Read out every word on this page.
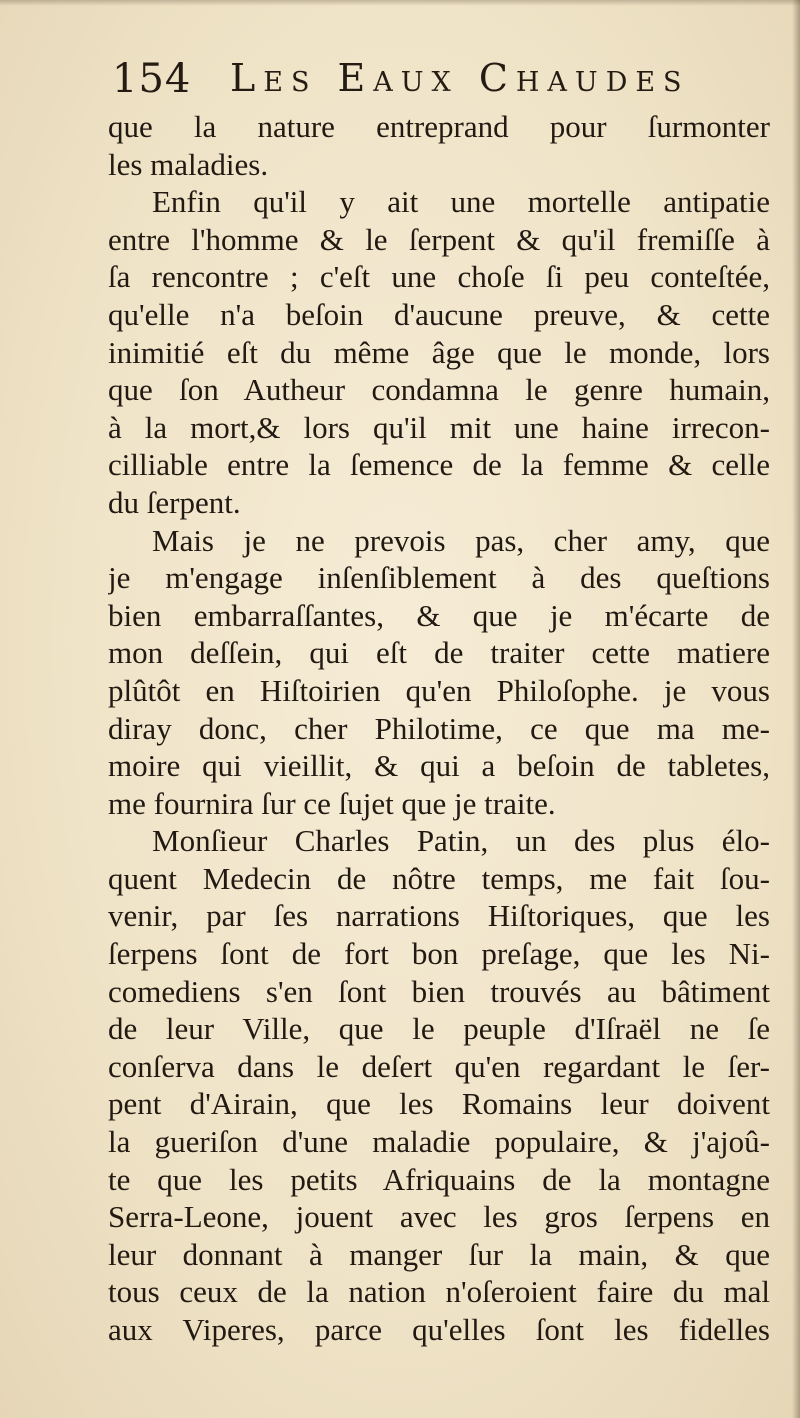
154 Les Eaux Chaudes
que la nature entreprand pour ſurmonter
les maladies.
Enfin qu'il y ait une mortelle antipatie
entre l'homme & le ſerpent & qu'il fremiſſe à
ſa rencontre ; c'eſt une choſe ſi peu conteſtée,
qu'elle n'a beſoin d'aucune preuve, & cette
inimitié eſt du même âge que le monde, lors
que ſon Autheur condamna le genre humain,
à la mort,& lors qu'il mit une haine irrecon-
cilliable entre la ſemence de la femme & celle
du ſerpent.
Mais je ne prevois pas, cher amy, que
je m'engage inſenſiblement à des queſtions
bien embarraſſantes, & que je m'écarte de
mon deſſein, qui eſt de traiter cette matiere
plûtôt en Hiſtoirien qu'en Philoſophe. je vous
diray donc, cher Philotime, ce que ma me-
moire qui vieillit, & qui a beſoin de tabletes,
me fournira ſur ce ſujet que je traite.
Monſieur Charles Patin, un des plus élo-
quent Medecin de nôtre temps, me fait ſou-
venir, par ſes narrations Hiſtoriques, que les
ſerpens ſont de fort bon preſage, que les Ni-
comediens s'en ſont bien trouvés au bâtiment
de leur Ville, que le peuple d'Iſraël ne ſe
conſerva dans le deſert qu'en regardant le ſer-
pent d'Airain, que les Romains leur doivent
la gueriſon d'une maladie populaire, & j'ajoû-
te que les petits Afriquains de la montagne
Serra-Leone, jouent avec les gros ſerpens en
leur donnant à manger ſur la main, & que
tous ceux de la nation n'oſeroient faire du mal
aux Viperes, parce qu'elles ſont les fidelles
